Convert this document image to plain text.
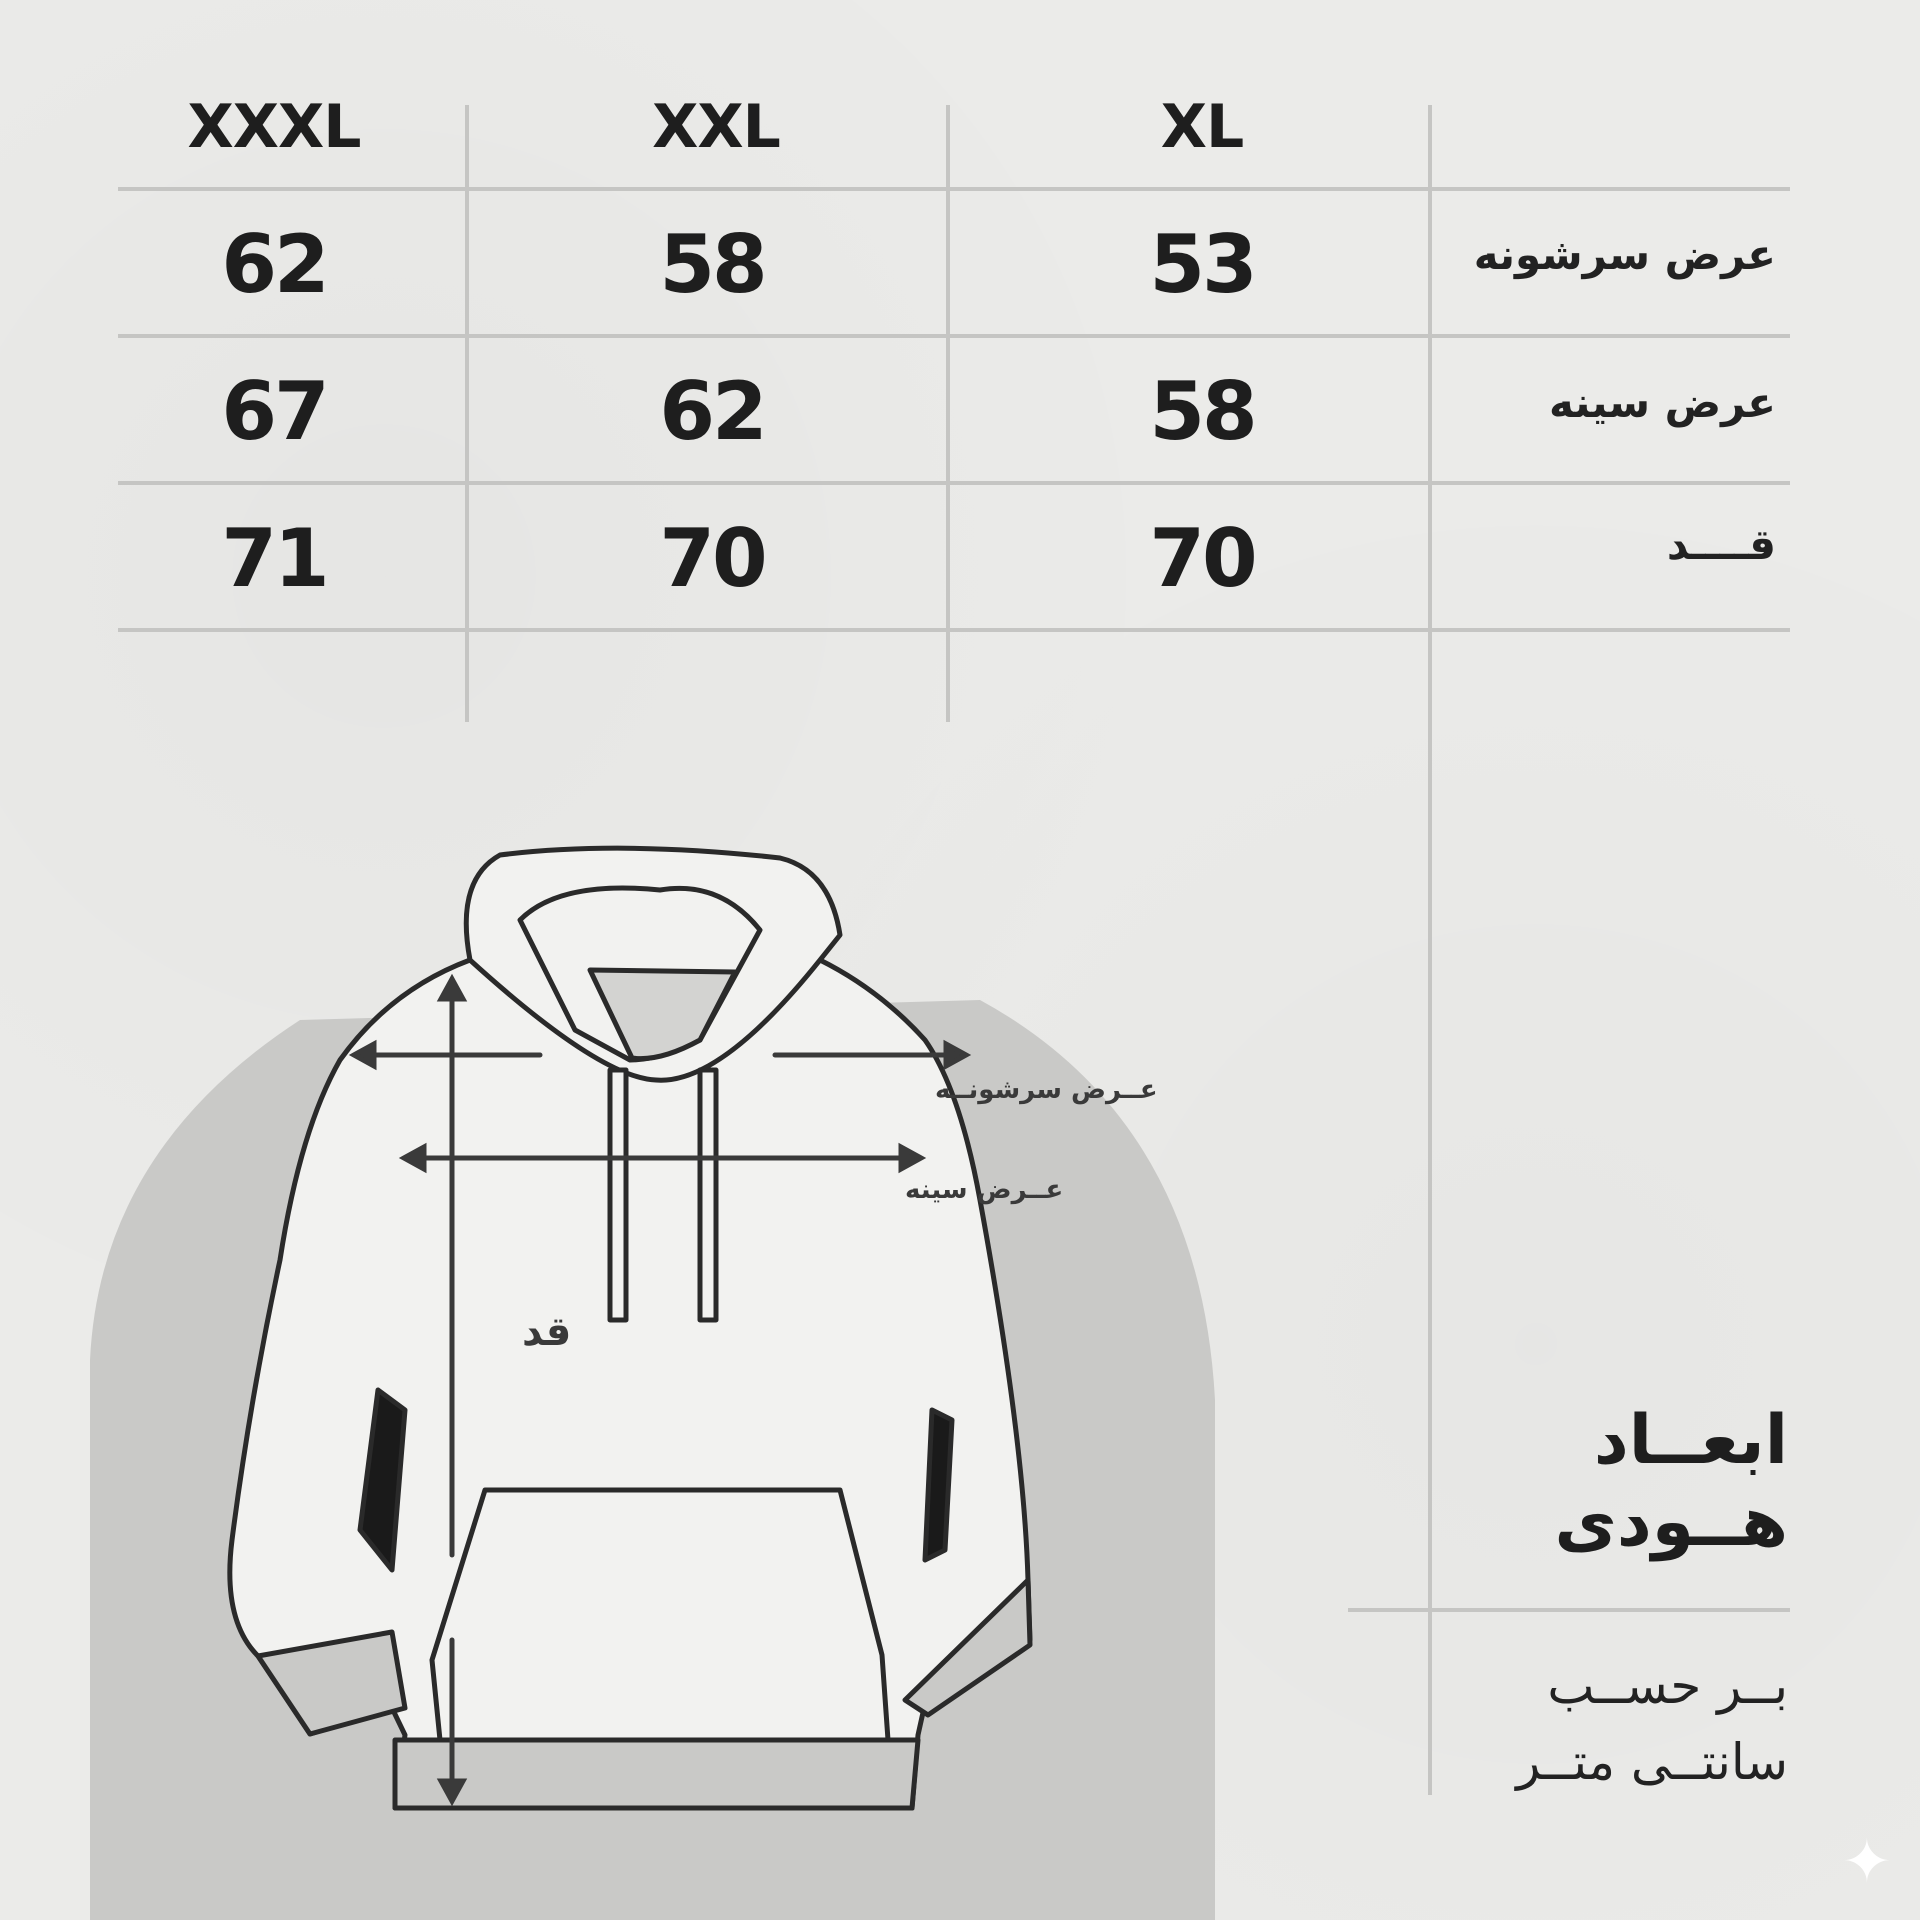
XL
XXL
XXXL
عرض سرشونه
53
58
62
عرض سینه
58
62
67
قــــد
70
70
71
ابعــاد
هــودی
بــر حســب
سانتــی متــر
عــرض سرشونــه
عــرض سینه
قد
✦
